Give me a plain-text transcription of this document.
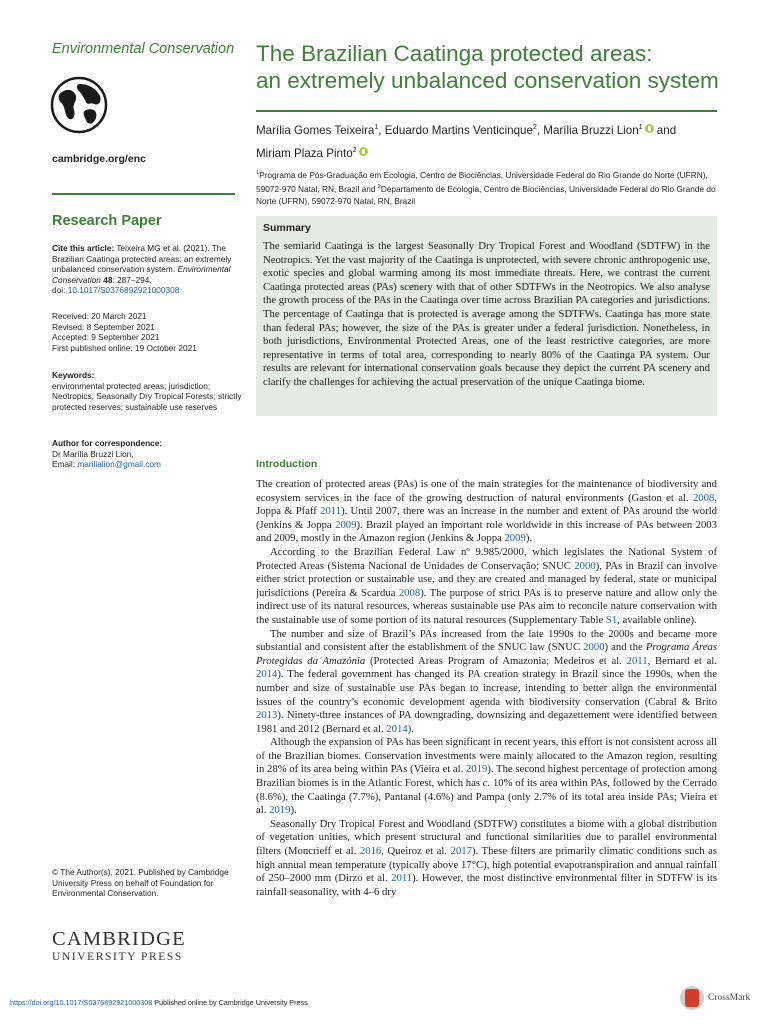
Environmental Conservation
cambridge.org/enc
Research Paper
Cite this article: Teixeira MG et al. (2021). The Brazilian Caatinga protected areas: an extremely unbalanced conservation system. Environmental Conservation 48: 287–294.
doi: 10.1017/S0376892921000308
Received: 20 March 2021
Revised: 8 September 2021
Accepted: 9 September 2021
First published online: 19 October 2021
Keywords:
environmental protected areas; jurisdiction; Neotropics; Seasonally Dry Tropical Forests; strictly protected reserves; sustainable use reserves
Author for correspondence:
Dr Marília Bruzzi Lion,
Email: marilialion@gmail.com
© The Author(s), 2021. Published by Cambridge University Press on behalf of Foundation for Environmental Conservation.
CAMBRIDGE
UNIVERSITY PRESS
The Brazilian Caatinga protected areas:
an extremely unbalanced conservation system
Marília Gomes Teixeira$^1$, Eduardo Martins Venticinque$^2$, Marília Bruzzi Lion$^1$ and
Miriam Plaza Pinto$^2$
$^1$Programa de Pós-Graduação em Ecologia, Centro de Biociências, Universidade Federal do Rio Grande do Norte (UFRN), 59072-970 Natal, RN, Brazil and $^2$Departamento de Ecologia, Centro de Biociências, Universidade Federal do Rio Grande do Norte (UFRN), 59072-970 Natal, RN, Brazil
Summary
The semiarid Caatinga is the largest Seasonally Dry Tropical Forest and Woodland (SDTFW) in the Neotropics. Yet the vast majority of the Caatinga is unprotected, with severe chronic anthropogenic use, exotic species and global warming among its most immediate threats. Here, we contrast the current Caatinga protected areas (PAs) scenery with that of other SDTFWs in the Neotropics. We also analyse the growth process of the PAs in the Caatinga over time across Brazilian PA categories and jurisdictions. The percentage of Caatinga that is protected is average among the SDTFWs. Caatinga has more state than federal PAs; however, the size of the PAs is greater under a federal jurisdiction. Nonetheless, in both jurisdictions, Environmental Protected Areas, one of the least restrictive categories, are more representative in terms of total area, corresponding to nearly 80% of the Caatinga PA system. Our results are relevant for international conservation goals because they depict the current PA scenery and clarify the challenges for achieving the actual preservation of the unique Caatinga biome.
Introduction

The creation of protected areas (PAs) is one of the main strategies for the maintenance of biodiversity and ecosystem services in the face of the growing destruction of natural environments (Gaston et al. 2008, Joppa & Pfaff 2011). Until 2007, there was an increase in the number and extent of PAs around the world (Jenkins & Joppa 2009). Brazil played an important role worldwide in this increase of PAs between 2003 and 2009, mostly in the Amazon region (Jenkins & Joppa 2009).

According to the Brazilian Federal Law nº 9.985/2000, which legislates the National System of Protected Areas (Sistema Nacional de Unidades de Conservação; SNUC 2000), PAs in Brazil can involve either strict protection or sustainable use, and they are created and managed by federal, state or municipal jurisdictions (Pereira & Scardua 2008). The purpose of strict PAs is to preserve nature and allow only the indirect use of its natural resources, whereas sustainable use PAs aim to reconcile nature conservation with the sustainable use of some portion of its natural resources (Supplementary Table S1, available online).

The number and size of Brazil’s PAs increased from the late 1990s to the 2000s and became more substantial and consistent after the establishment of the SNUC law (SNUC 2000) and the Programa Áreas Protegidas da Amazônia (Protected Areas Program of Amazonia; Medeiros et al. 2011, Bernard et al. 2014). The federal government has changed its PA creation strategy in Brazil since the 1990s, when the number and size of sustainable use PAs began to increase, intending to better align the environmental issues of the country’s economic development agenda with biodiversity conservation (Cabral & Brito 2013). Ninety-three instances of PA downgrading, downsizing and degazettement were identified between 1981 and 2012 (Bernard et al. 2014).

Although the expansion of PAs has been significant in recent years, this effort is not consistent across all of the Brazilian biomes. Conservation investments were mainly allocated to the Amazon region, resulting in 28% of its area being within PAs (Vieira et al. 2019). The second highest percentage of protection among Brazilian biomes is in the Atlantic Forest, which has c. 10% of its area within PAs, followed by the Cerrado (8.6%), the Caatinga (7.7%), Pantanal (4.6%) and Pampa (only 2.7% of its total area inside PAs; Vieira et al. 2019).

Seasonally Dry Tropical Forest and Woodland (SDTFW) constitutes a biome with a global distribution of vegetation unities, which present structural and functional similarities due to parallel environmental filters (Moncrieff et al. 2016, Queiroz et al. 2017). These filters are primarily climatic conditions such as high annual mean temperature (typically above 17°C), high potential evapotranspiration and annual rainfall of 250–2000 mm (Dirzo et al. 2011). However, the most distinctive environmental filter in SDTFW is its rainfall seasonality, with 4–6 dry

https://doi.org/10.1017/S0376892921000308 Published online by Cambridge University Press	CrossMark
